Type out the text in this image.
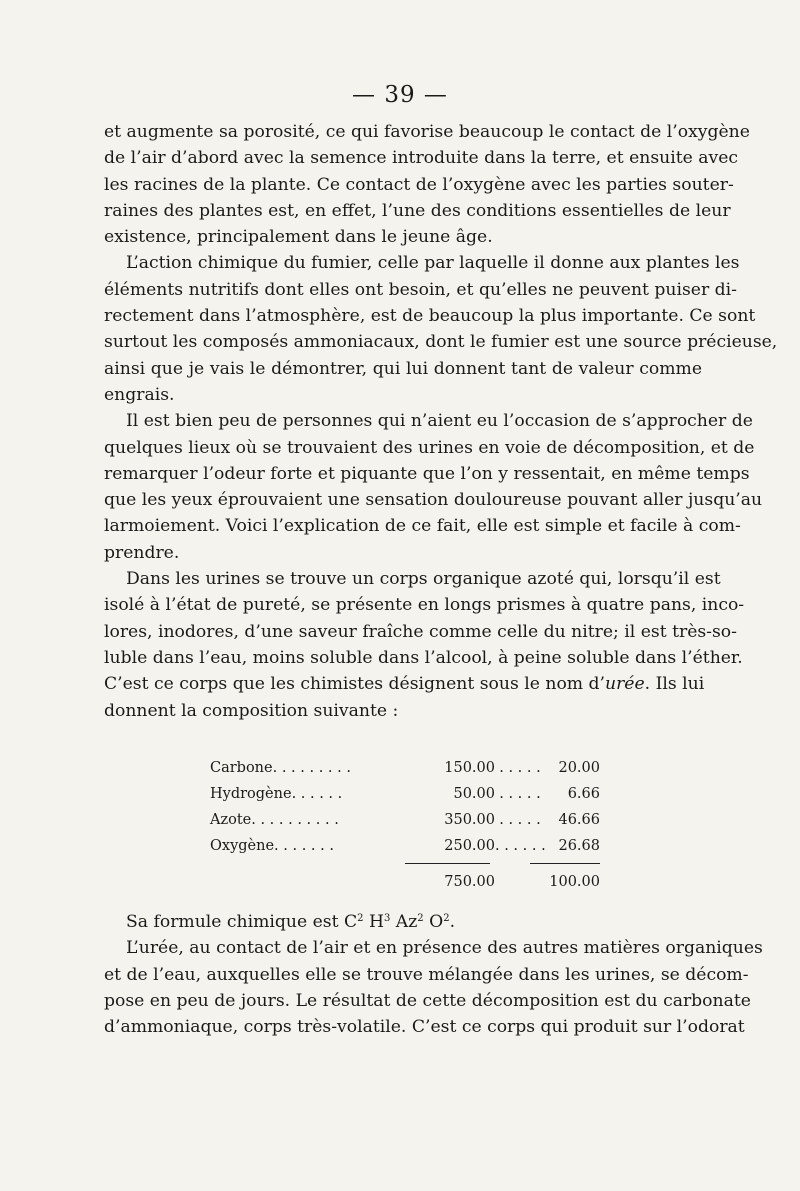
— 39 —
et augmente sa porosité, ce qui favorise beaucoup le contact de l’oxygène
de l’air d’abord avec la semence introduite dans la terre, et ensuite avec
les racines de la plante. Ce contact de l’oxygène avec les parties souter-
raines des plantes est, en effet, l’une des conditions essentielles de leur
existence, principalement dans le jeune âge.
L’action chimique du fumier, celle par laquelle il donne aux plantes les
éléments nutritifs dont elles ont besoin, et qu’elles ne peuvent puiser di-
rectement dans l’atmosphère, est de beaucoup la plus importante. Ce sont
surtout les composés ammoniacaux, dont le fumier est une source précieuse,
ainsi que je vais le démontrer, qui lui donnent tant de valeur comme
engrais.
Il est bien peu de personnes qui n’aient eu l’occasion de s’approcher de
quelques lieux où se trouvaient des urines en voie de décomposition, et de
remarquer l’odeur forte et piquante que l’on y ressentait, en même temps
que les yeux éprouvaient une sensation douloureuse pouvant aller jusqu’au
larmoiement. Voici l’explication de ce fait, elle est simple et facile à com-
prendre.
Dans les urines se trouve un corps organique azoté qui, lorsqu’il est
isolé à l’état de pureté, se présente en longs prismes à quatre pans, inco-
lores, inodores, d’une saveur fraîche comme celle du nitre; il est très-so-
luble dans l’eau, moins soluble dans l’alcool, à peine soluble dans l’éther.
C’est ce corps que les chimistes désignent sous le nom d’urée. Ils lui
donnent la composition suivante :
Carbone. . . . . . . . .	150.00 . . . . .	20.00
Hydrogène. . . . . .	50.00 . . . . .	6.66
Azote. . . . . . . . . .	350.00 . . . . .	46.66
Oxygène. . . . . . .	250.00 . . . . . . 26.68
750.00	100.00
Sa formule chimique est $C^2$ $H^3$ Az$^2$ $O^2$.
L’urée, au contact de l’air et en présence des autres matières organiques
et de l’eau, auxquelles elle se trouve mélangée dans les urines, se décom-
pose en peu de jours. Le résultat de cette décomposition est du carbonate
d’ammoniaque, corps très-volatile. C’est ce corps qui produit sur l’odorat
